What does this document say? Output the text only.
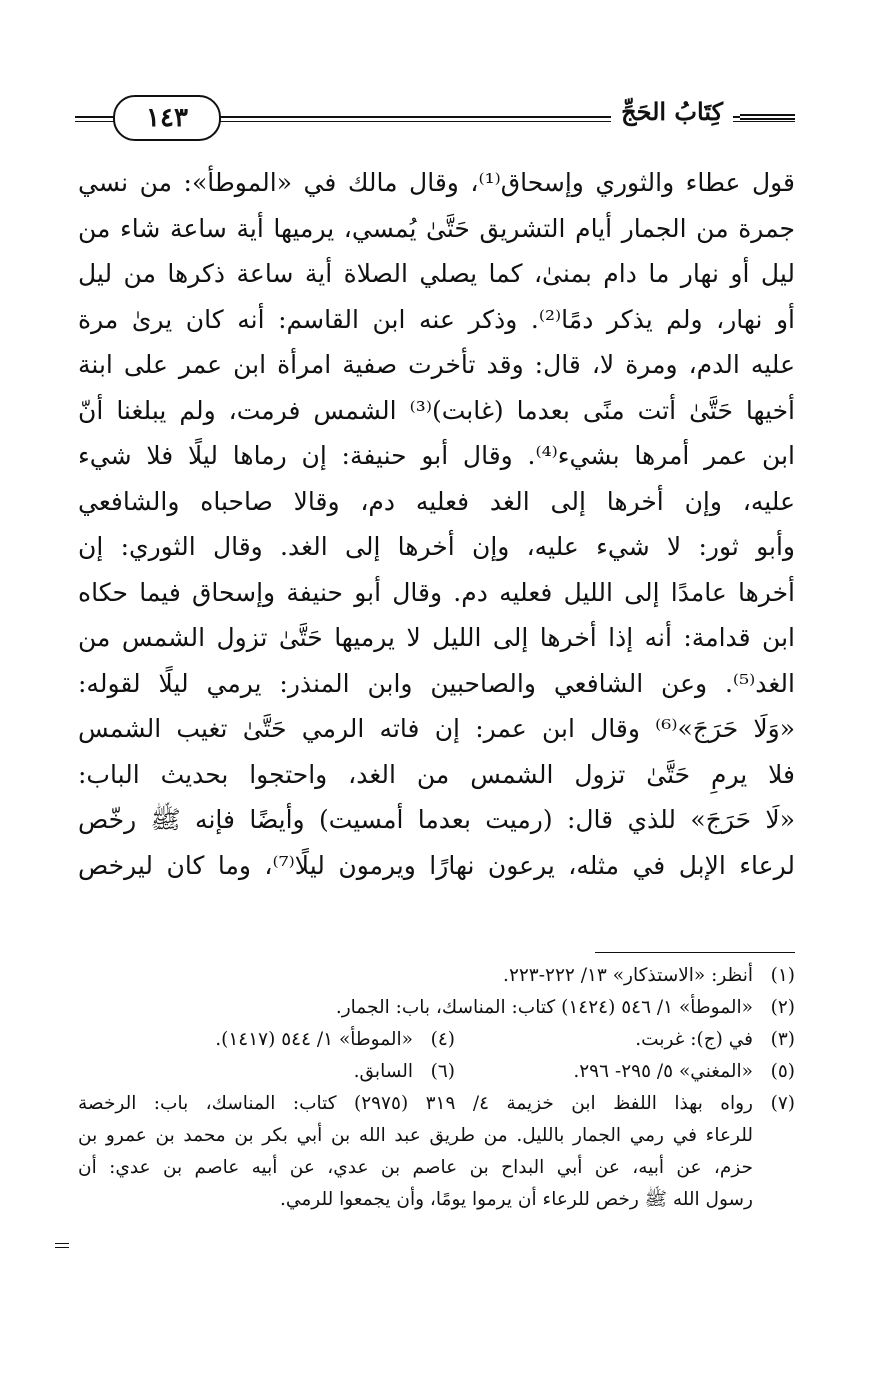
١٤٣	كِتَابُ الحَجِّ
قول عطاء والثوري وإسحاق⁽¹⁾، وقال مالك في «الموطأ»: من نسي
جمرة من الجمار أيام التشريق حَتَّىٰ يُمسي، يرميها أية ساعة شاء من
ليل أو نهار ما دام بمنىٰ، كما يصلي الصلاة أية ساعة ذكرها من ليل
أو نهار، ولم يذكر دمًا⁽²⁾. وذكر عنه ابن القاسم: أنه كان يرىٰ مرة
عليه الدم، ومرة لا، قال: وقد تأخرت صفية امرأة ابن عمر على ابنة
أخيها حَتَّىٰ أتت منًى بعدما (غابت)⁽³⁾ الشمس فرمت، ولم يبلغنا أنّ
ابن عمر أمرها بشيء⁽⁴⁾. وقال أبو حنيفة: إن رماها ليلًا فلا شيء
عليه، وإن أخرها إلى الغد فعليه دم، وقالا صاحباه والشافعي
وأبو ثور: لا شيء عليه، وإن أخرها إلى الغد. وقال الثوري: إن
أخرها عامدًا إلى الليل فعليه دم. وقال أبو حنيفة وإسحاق فيما حكاه
ابن قدامة: أنه إذا أخرها إلى الليل لا يرميها حَتَّىٰ تزول الشمس من
الغد⁽⁵⁾. وعن الشافعي والصاحبين وابن المنذر: يرمي ليلًا لقوله:
«وَلَا حَرَجَ»⁽⁶⁾ وقال ابن عمر: إن فاته الرمي حَتَّىٰ تغيب الشمس
فلا يرمِ حَتَّىٰ تزول الشمس من الغد، واحتجوا بحديث الباب:
«لَا حَرَجَ» للذي قال: (رميت بعدما أمسيت) وأيضًا فإنه ﷺ رخّص
لرعاء الإبل في مثله، يرعون نهارًا ويرمون ليلًا⁽⁷⁾، وما كان ليرخص
(١)
أنظر: «الاستذكار» ١٣/ ٢٢٢-٢٢٣.
(٢)
«الموطأ» ١/ ٥٤٦ (١٤٢٤) كتاب: المناسك، باب: الجمار.
(٣)
في (ج): غربت.
(٤)
«الموطأ» ١/ ٥٤٤ (١٤١٧).
(٥)
«المغني» ٥/ ٢٩٥- ٢٩٦.
(٦)
السابق.
(٧)
رواه بهذا اللفظ ابن خزيمة ٤/ ٣١٩ (٢٩٧٥) كتاب: المناسك، باب: الرخصة
للرعاء في رمي الجمار بالليل. من طريق عبد الله بن أبي بكر بن محمد بن عمرو بن
حزم، عن أبيه، عن أبي البداح بن عاصم بن عدي، عن أبيه عاصم بن عدي: أن
رسول الله ﷺ رخص للرعاء أن يرموا يومًا، وأن يجمعوا للرمي.
